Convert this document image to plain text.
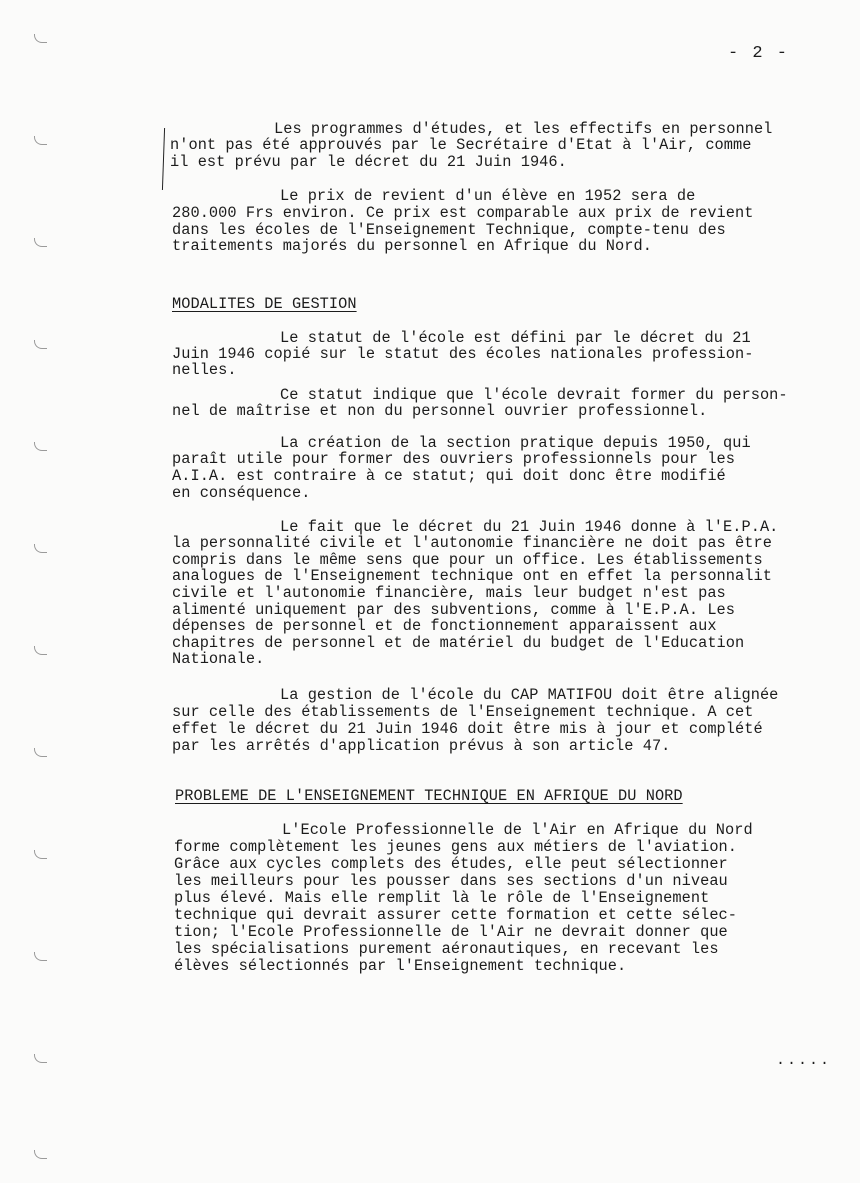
- 2 -
Les programmes d'études, et les effectifs en personnel
n'ont pas été approuvés par le Secrétaire d'Etat à l'Air, comme
il est prévu par le décret du 21 Juin 1946.
Le prix de revient d'un élève en 1952 sera de
280.000 Frs environ. Ce prix est comparable aux prix de revient
dans les écoles de l'Enseignement Technique, compte-tenu des
traitements majorés du personnel en Afrique du Nord.
MODALITES DE GESTION
Le statut de l'école est défini par le décret du 21
Juin 1946 copié sur le statut des écoles nationales profession-
nelles.
Ce statut indique que l'école devrait former du person-
nel de maîtrise et non du personnel ouvrier professionnel.
La création de la section pratique depuis 1950, qui
paraît utile pour former des ouvriers professionnels pour les
A.I.A. est contraire à ce statut; qui doit donc être modifié
en conséquence.
Le fait que le décret du 21 Juin 1946 donne à l'E.P.A.
la personnalité civile et l'autonomie financière ne doit pas être
compris dans le même sens que pour un office. Les établissements
analogues de l'Enseignement technique ont en effet la personnalit
civile et l'autonomie financière, mais leur budget n'est pas
alimenté uniquement par des subventions, comme à l'E.P.A. Les
dépenses de personnel et de fonctionnement apparaissent aux
chapitres de personnel et de matériel du budget de l'Education
Nationale.
La gestion de l'école du CAP MATIFOU doit être alignée
sur celle des établissements de l'Enseignement technique. A cet
effet le décret du 21 Juin 1946 doit être mis à jour et complété
par les arrêtés d'application prévus à son article 47.
PROBLEME DE L'ENSEIGNEMENT TECHNIQUE EN AFRIQUE DU NORD
L'Ecole Professionnelle de l'Air en Afrique du Nord
forme complètement les jeunes gens aux métiers de l'aviation.
Grâce aux cycles complets des études, elle peut sélectionner
les meilleurs pour les pousser dans ses sections d'un niveau
plus élevé. Mais elle remplit là le rôle de l'Enseignement
technique qui devrait assurer cette formation et cette sélec-
tion; l'Ecole Professionnelle de l'Air ne devrait donner que
les spécialisations purement aéronautiques, en recevant les
élèves sélectionnés par l'Enseignement technique.
.....
